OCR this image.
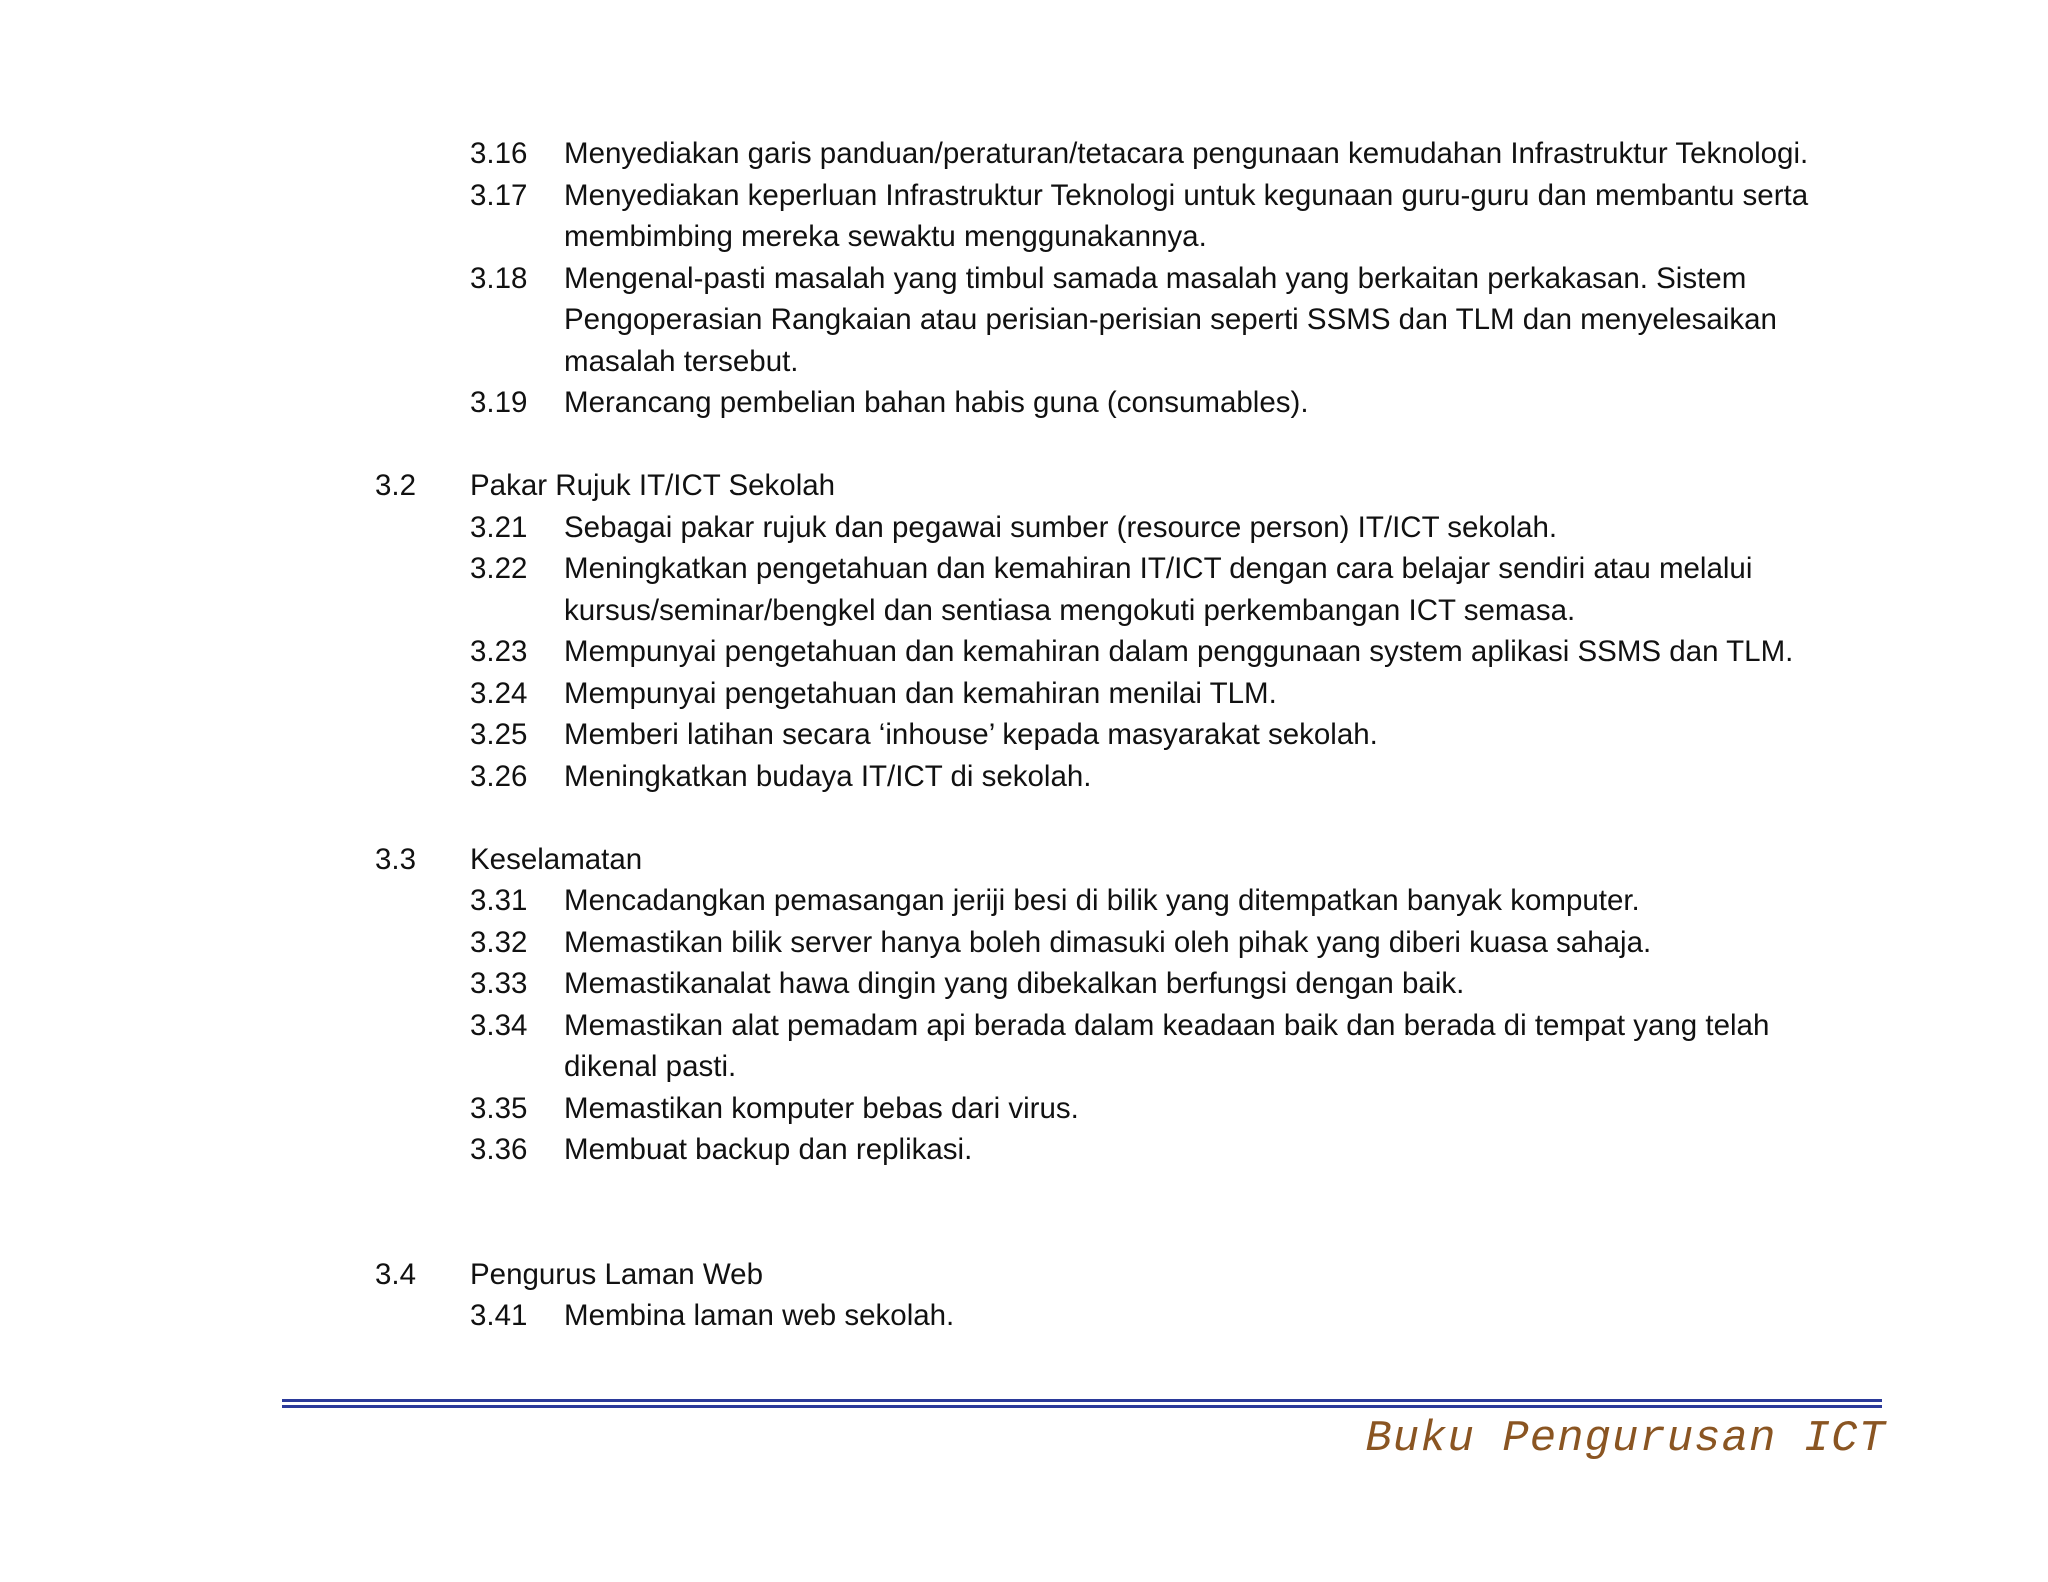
3.16 Menyediakan garis panduan/peraturan/tetacara pengunaan kemudahan Infrastruktur Teknologi.
3.17 Menyediakan keperluan Infrastruktur Teknologi untuk kegunaan guru-guru dan membantu serta membimbing mereka sewaktu menggunakannya.
3.18 Mengenal-pasti masalah yang timbul samada masalah yang berkaitan perkakasan. Sistem Pengoperasian Rangkaian atau perisian-perisian seperti SSMS dan TLM dan menyelesaikan masalah tersebut.
3.19 Merancang pembelian bahan habis guna (consumables).
3.2 Pakar Rujuk IT/ICT Sekolah
3.21 Sebagai pakar rujuk dan pegawai sumber (resource person) IT/ICT sekolah.
3.22 Meningkatkan pengetahuan dan kemahiran IT/ICT dengan cara belajar sendiri atau melalui kursus/seminar/bengkel dan sentiasa mengokuti perkembangan ICT semasa.
3.23 Mempunyai pengetahuan dan kemahiran dalam penggunaan system aplikasi SSMS dan TLM.
3.24 Mempunyai pengetahuan dan kemahiran menilai TLM.
3.25 Memberi latihan secara ‘inhouse’ kepada masyarakat sekolah.
3.26 Meningkatkan budaya IT/ICT di sekolah.
3.3 Keselamatan
3.31 Mencadangkan pemasangan jeriji besi di bilik yang ditempatkan banyak komputer.
3.32 Memastikan bilik server hanya boleh dimasuki oleh pihak yang diberi kuasa sahaja.
3.33 Memastikanalat hawa dingin yang dibekalkan berfungsi dengan baik.
3.34 Memastikan alat pemadam api berada dalam keadaan baik dan berada di tempat yang telah dikenal pasti.
3.35 Memastikan komputer bebas dari virus.
3.36 Membuat backup dan replikasi.
3.4 Pengurus Laman Web
3.41 Membina laman web sekolah.
Buku Pengurusan ICT
